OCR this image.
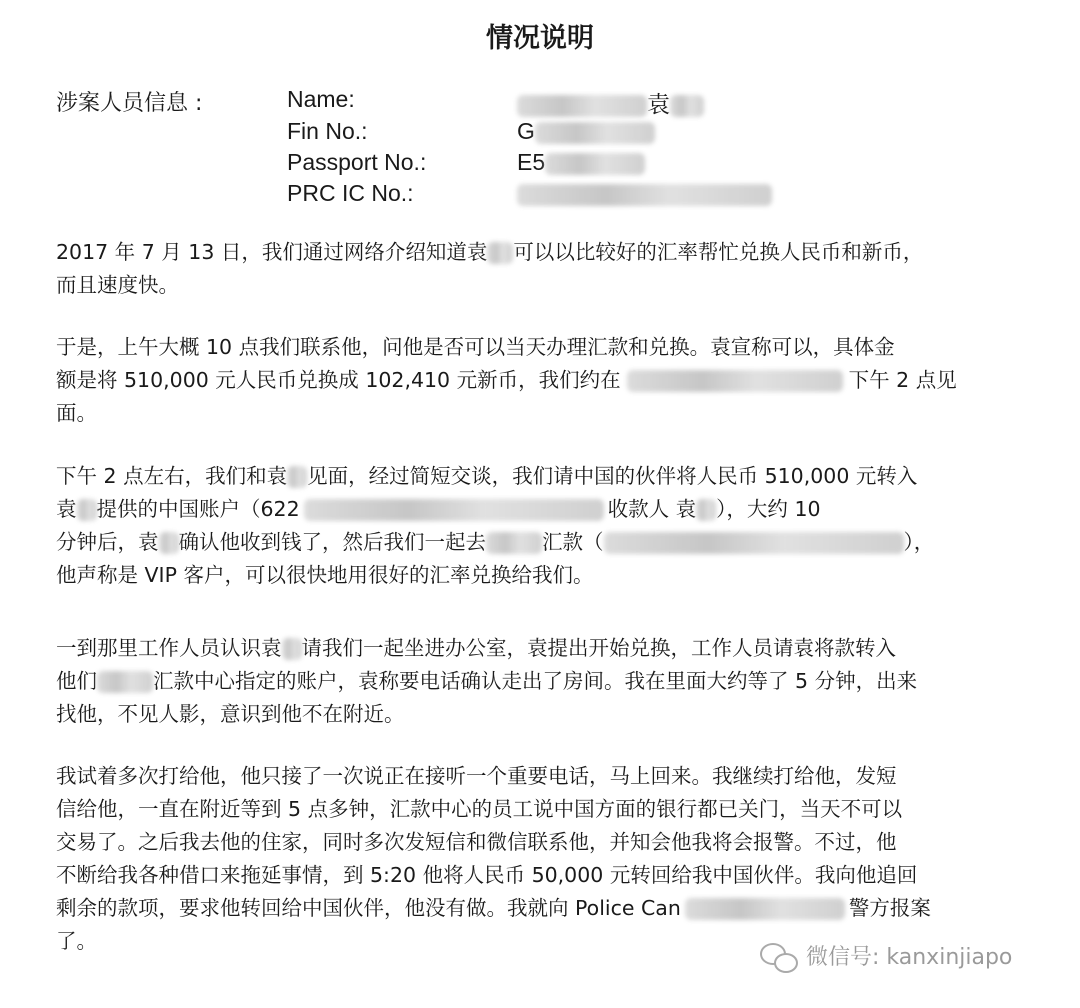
情况说明
涉案人员信息 :	Name:	袁
Fin No.:	G
Passport No.:	E5
PRC IC No.:
2017 年 7 月 13 日，我们通过网络介绍知道袁 可以以比较好的汇率帮忙兑换人民币和新币，
而且速度快。
于是，上午大概 10 点我们联系他，问他是否可以当天办理汇款和兑换。袁宣称可以，具体金
额是将 510,000 元人民币兑换成 102,410 元新币，我们约在	下午 2 点见
面。
下午 2 点左右，我们和袁 见面，经过简短交谈，我们请中国的伙伴将人民币 510,000 元转入
袁 提供的中国账户（622	收款人 袁 ），大约 10
分钟后，袁 确认他收到钱了，然后我们一起去	汇款（	），
他声称是 VIP 客户，可以很快地用很好的汇率兑换给我们。
一到那里工作人员认识袁 请我们一起坐进办公室，袁提出开始兑换，工作人员请袁将款转入
他们	汇款中心指定的账户，袁称要电话确认走出了房间。我在里面大约等了 5 分钟，出来
找他，不见人影，意识到他不在附近。
我试着多次打给他，他只接了一次说正在接听一个重要电话，马上回来。我继续打给他，发短
信给他，一直在附近等到 5 点多钟，汇款中心的员工说中国方面的银行都已关门，当天不可以
交易了。之后我去他的住家，同时多次发短信和微信联系他，并知会他我将会报警。不过，他
不断给我各种借口来拖延事情，到 5:20 他将人民币 50,000 元转回给我中国伙伴。我向他追回
剩余的款项，要求他转回给中国伙伴，他没有做。我就向 Police Can	警方报案
了。
微信号: kanxinjiapo
